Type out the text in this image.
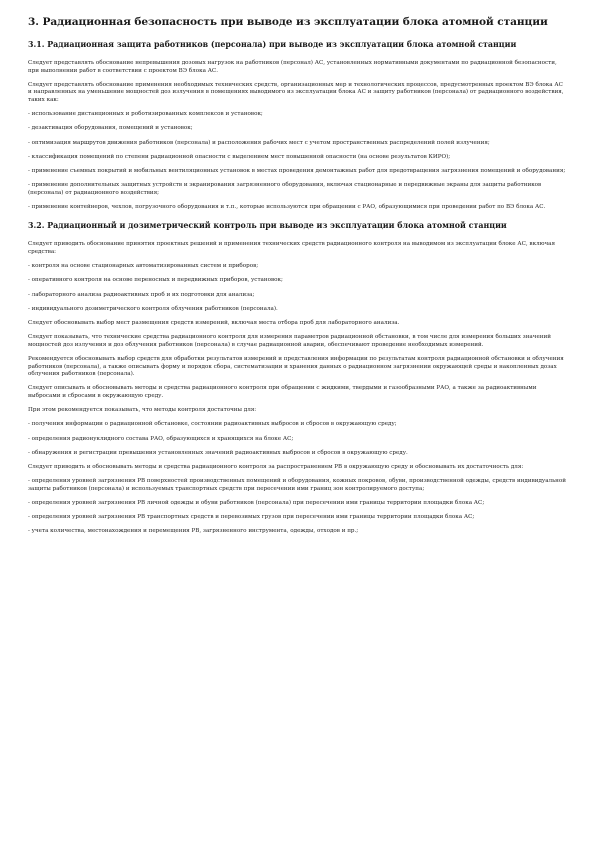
3. Радиационная безопасность при выводе из эксплуатации блока атомной станции
3.1. Радиационная защита работников (персонала) при выводе из эксплуатации блока атомной станции

Следует представлять обоснование непревышения дозовых нагрузок на работников (персонал) АС, установленных нормативными документами по радиационной безопасности, при выполнении работ в соответствии с проектом ВЭ блока АС.

Следует представлять обоснование применения необходимых технических средств, организационных мер и технологических процессов, предусмотренных проектом ВЭ блока АС и направленных на уменьшение мощностей доз излучения в помещениях выводимого из эксплуатации блока АС и защиту работников (персонала) от радиационного воздействия, таких как:

- использование дистанционных и роботизированных комплексов и установок;

- дезактивация оборудования, помещений и установок;

- оптимизация маршрутов движения работников (персонала) и расположения рабочих мест с учетом пространственных распределений полей излучения;

- классификация помещений по степени радиационной опасности с выделением мест повышенной опасности (на основе результатов КИРО);

- применение съемных покрытий и мобильных вентиляционных установок в местах проведения демонтажных работ для предотвращения загрязнения помещений и оборудования;

- применение дополнительных защитных устройств и экранирования загрязненного оборудования, включая стационарные и передвижные экраны для защиты работников (персонала) от радиационного воздействия;

- применение контейнеров, чехлов, погрузочного оборудования и т.п., которые используются при обращении с РАО, образующимися при проведении работ по ВЭ блока АС.

3.2. Радиационный и дозиметрический контроль при выводе из эксплуатации блока атомной станции

Следует приводить обоснование принятия проектных решений и применения технических средств радиационного контроля на выводимом из эксплуатации блоке АС, включая средства:

- контроля на основе стационарных автоматизированных систем и приборов;

- оперативного контроля на основе переносных и передвижных приборов, установок;

- лабораторного анализа радиоактивных проб и их подготовки для анализа;

- индивидуального дозиметрического контроля облучения работников (персонала).

Следует обосновывать выбор мест размещения средств измерений, включая места отбора проб для лабораторного анализа.

Следует показывать, что технические средства радиационного контроля для измерения параметров радиационной обстановки, в том числе для измерения больших значений мощностей доз излучения и доз облучения работников (персонала) в случае радиационной аварии, обеспечивают проведение необходимых измерений.

Рекомендуется обосновывать выбор средств для обработки результатов измерений и представления информации по результатам контроля радиационной обстановки и облучения работников (персонала), а также описывать форму и порядок сбора, систематизации и хранения данных о радиационном загрязнении окружающей среды и накопленных дозах облучения работников (персонала).

Следует описывать и обосновывать методы и средства радиационного контроля при обращении с жидкими, твердыми и газообразными РАО, а также за радиоактивными выбросами и сбросами в окружающую среду.

При этом рекомендуется показывать, что методы контроля достаточны для:

- получения информации о радиационной обстановке, состоянии радиоактивных выбросов и сбросов в окружающую среду;

- определения радионуклидного состава РАО, образующихся и хранящихся на блоке АС;

- обнаружения и регистрации превышения установленных значений радиоактивных выбросов и сбросов в окружающую среду.

Следует приводить и обосновывать методы и средства радиационного контроля за распространением РВ в окружающую среду и обосновывать их достаточность для:

- определения уровней загрязнения РВ поверхностей производственных помещений и оборудования, кожных покровов, обуви, производственной одежды, средств индивидуальной защиты работников (персонала) и используемых транспортных средств при пересечении ими границ зон контролируемого доступа;

- определения уровней загрязнения РВ личной одежды и обуви работников (персонала) при пересечении ими границы территории площадки блока АС;

- определения уровней загрязнения РВ транспортных средств и перевозимых грузов при пересечении ими границы территории площадки блока АС;

- учета количества, местонахождения и перемещения РВ, загрязненного инструмента, одежды, отходов и пр.;
